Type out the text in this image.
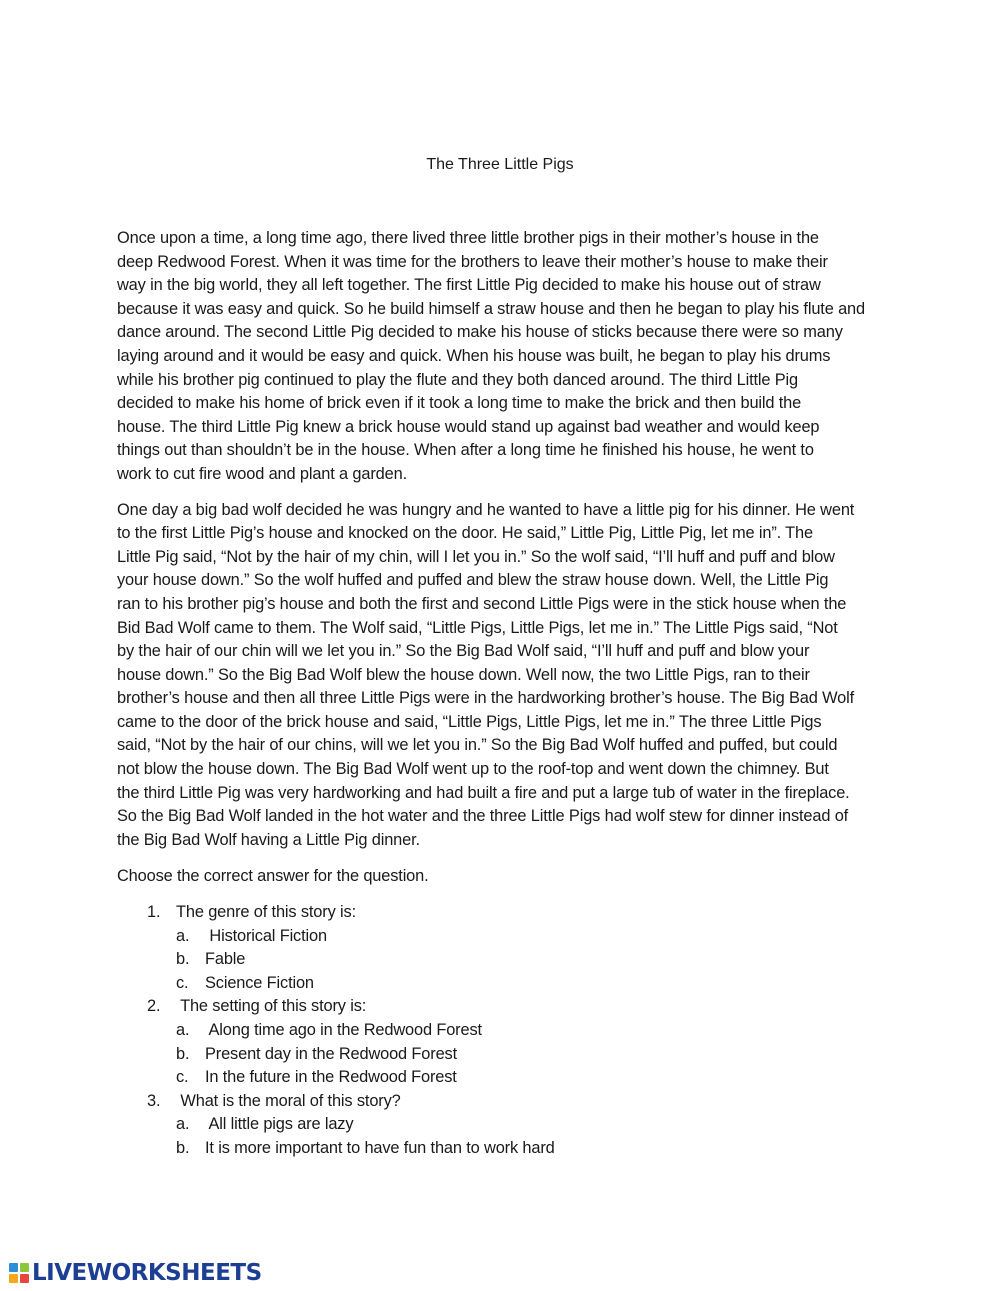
The Three Little Pigs

Once upon a time, a long time ago, there lived three little brother pigs in their mother’s house in the
deep Redwood Forest. When it was time for the brothers to leave their mother’s house to make their
way in the big world, they all left together. The first Little Pig decided to make his house out of straw
because it was easy and quick. So he build himself a straw house and then he began to play his flute and
dance around. The second Little Pig decided to make his house of sticks because there were so many
laying around and it would be easy and quick. When his house was built, he began to play his drums
while his brother pig continued to play the flute and they both danced around. The third Little Pig
decided to make his home of brick even if it took a long time to make the brick and then build the
house. The third Little Pig knew a brick house would stand up against bad weather and would keep
things out than shouldn’t be in the house. When after a long time he finished his house, he went to
work to cut fire wood and plant a garden.

One day a big bad wolf decided he was hungry and he wanted to have a little pig for his dinner. He went
to the first Little Pig’s house and knocked on the door. He said,” Little Pig, Little Pig, let me in”. The
Little Pig said, “Not by the hair of my chin, will I let you in.” So the wolf said, “I’ll huff and puff and blow
your house down.” So the wolf huffed and puffed and blew the straw house down. Well, the Little Pig
ran to his brother pig’s house and both the first and second Little Pigs were in the stick house when the
Bid Bad Wolf came to them. The Wolf said, “Little Pigs, Little Pigs, let me in.” The Little Pigs said, “Not
by the hair of our chin will we let you in.” So the Big Bad Wolf said, “I’ll huff and puff and blow your
house down.” So the Big Bad Wolf blew the house down. Well now, the two Little Pigs, ran to their
brother’s house and then all three Little Pigs were in the hardworking brother’s house. The Big Bad Wolf
came to the door of the brick house and said, “Little Pigs, Little Pigs, let me in.” The three Little Pigs
said, “Not by the hair of our chins, will we let you in.” So the Big Bad Wolf huffed and puffed, but could
not blow the house down. The Big Bad Wolf went up to the roof-top and went down the chimney. But
the third Little Pig was very hardworking and had built a fire and put a large tub of water in the fireplace.
So the Big Bad Wolf landed in the hot water and the three Little Pigs had wolf stew for dinner instead of
the Big Bad Wolf having a Little Pig dinner.

Choose the correct answer for the question.

1. The genre of this story is:
a. Historical Fiction
b. Fable
c. Science Fiction
2. The setting of this story is:
a. Along time ago in the Redwood Forest
b. Present day in the Redwood Forest
c. In the future in the Redwood Forest
3. What is the moral of this story?
a. All little pigs are lazy
b. It is more important to have fun than to work hard
LIVEWORKSHEETS
